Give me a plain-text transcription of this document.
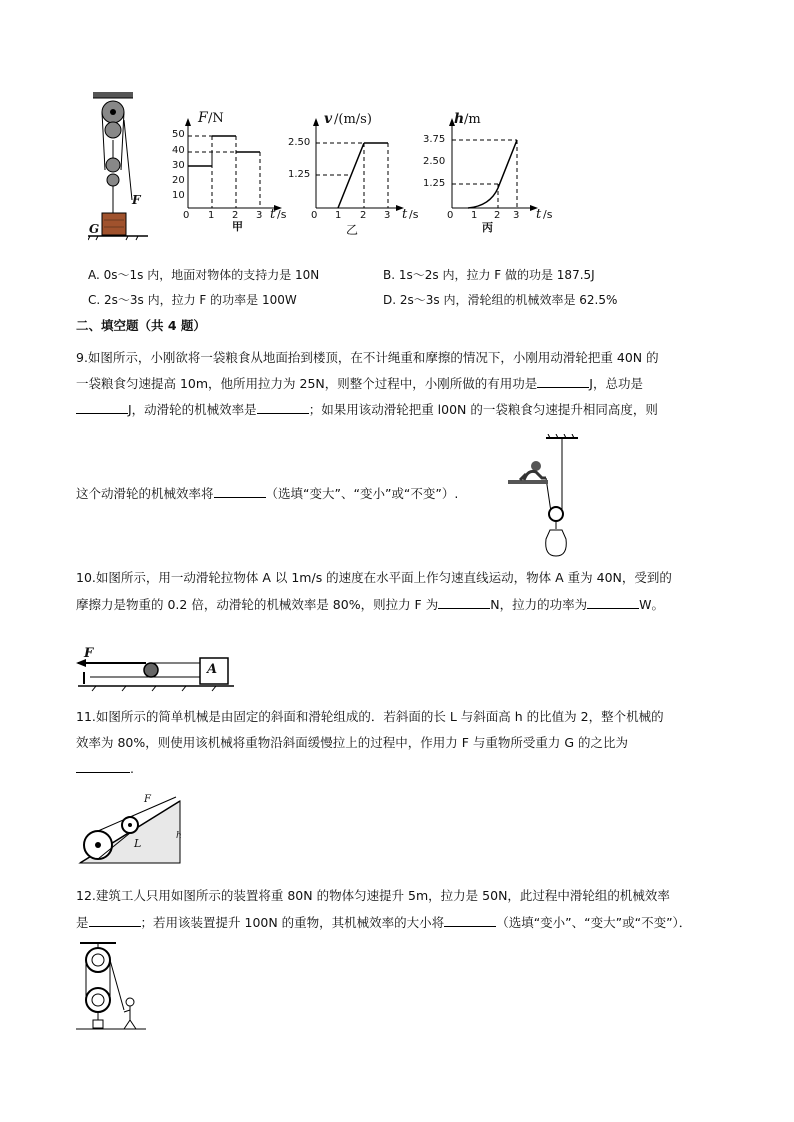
F
G
F /N
50
40
30
20
10
0 1 2 3 t /s
甲
v /(m/s)
2.50
1.25
0 1 2 3 t /s
乙
h /m
3.75
2.50
1.25
0 1 2 3 t /s
丙
A. 0s～1s 内，地面对物体的支持力是 10N	B. 1s～2s 内，拉力 F 做的功是 187.5J
C. 2s～3s 内，拉力 F 的功率是 100W	D. 2s～3s 内，滑轮组的机械效率是 62.5%
二、填空题（共 4 题）
9.如图所示，小刚欲将一袋粮食从地面抬到楼顶，在不计绳重和摩擦的情况下，小刚用动滑轮把重 40N 的
一袋粮食匀速提高 10m，他所用拉力为 25N，则整个过程中，小刚所做的有用功是	J，总功是
J，动滑轮的机械效率是	；如果用该动滑轮把重 l00N 的一袋粮食匀速提升相同高度，则
这个动滑轮的机械效率将	（选填“变大”、“变小”或“不变”）.
10.如图所示，用一动滑轮拉物体 A 以 1m/s 的速度在水平面上作匀速直线运动，物体 A 重为 40N，受到的
摩擦力是物重的 0.2 倍，动滑轮的机械效率是 80%，则拉力 F 为	N，拉力的功率为	W。
F
A
11.如图所示的简单机械是由固定的斜面和滑轮组成的．若斜面的长 L 与斜面高 h 的比值为 2，整个机械的
效率为 80%，则使用该机械将重物沿斜面缓慢拉上的过程中，作用力 F 与重物所受重力 G 的之比为
.
F
L
h
12.建筑工人只用如图所示的装置将重 80N 的物体匀速提升 5m，拉力是 50N，此过程中滑轮组的机械效率
是	；若用该装置提升 100N 的重物，其机械效率的大小将	（选填“变小”、“变大”或“不变”）．
